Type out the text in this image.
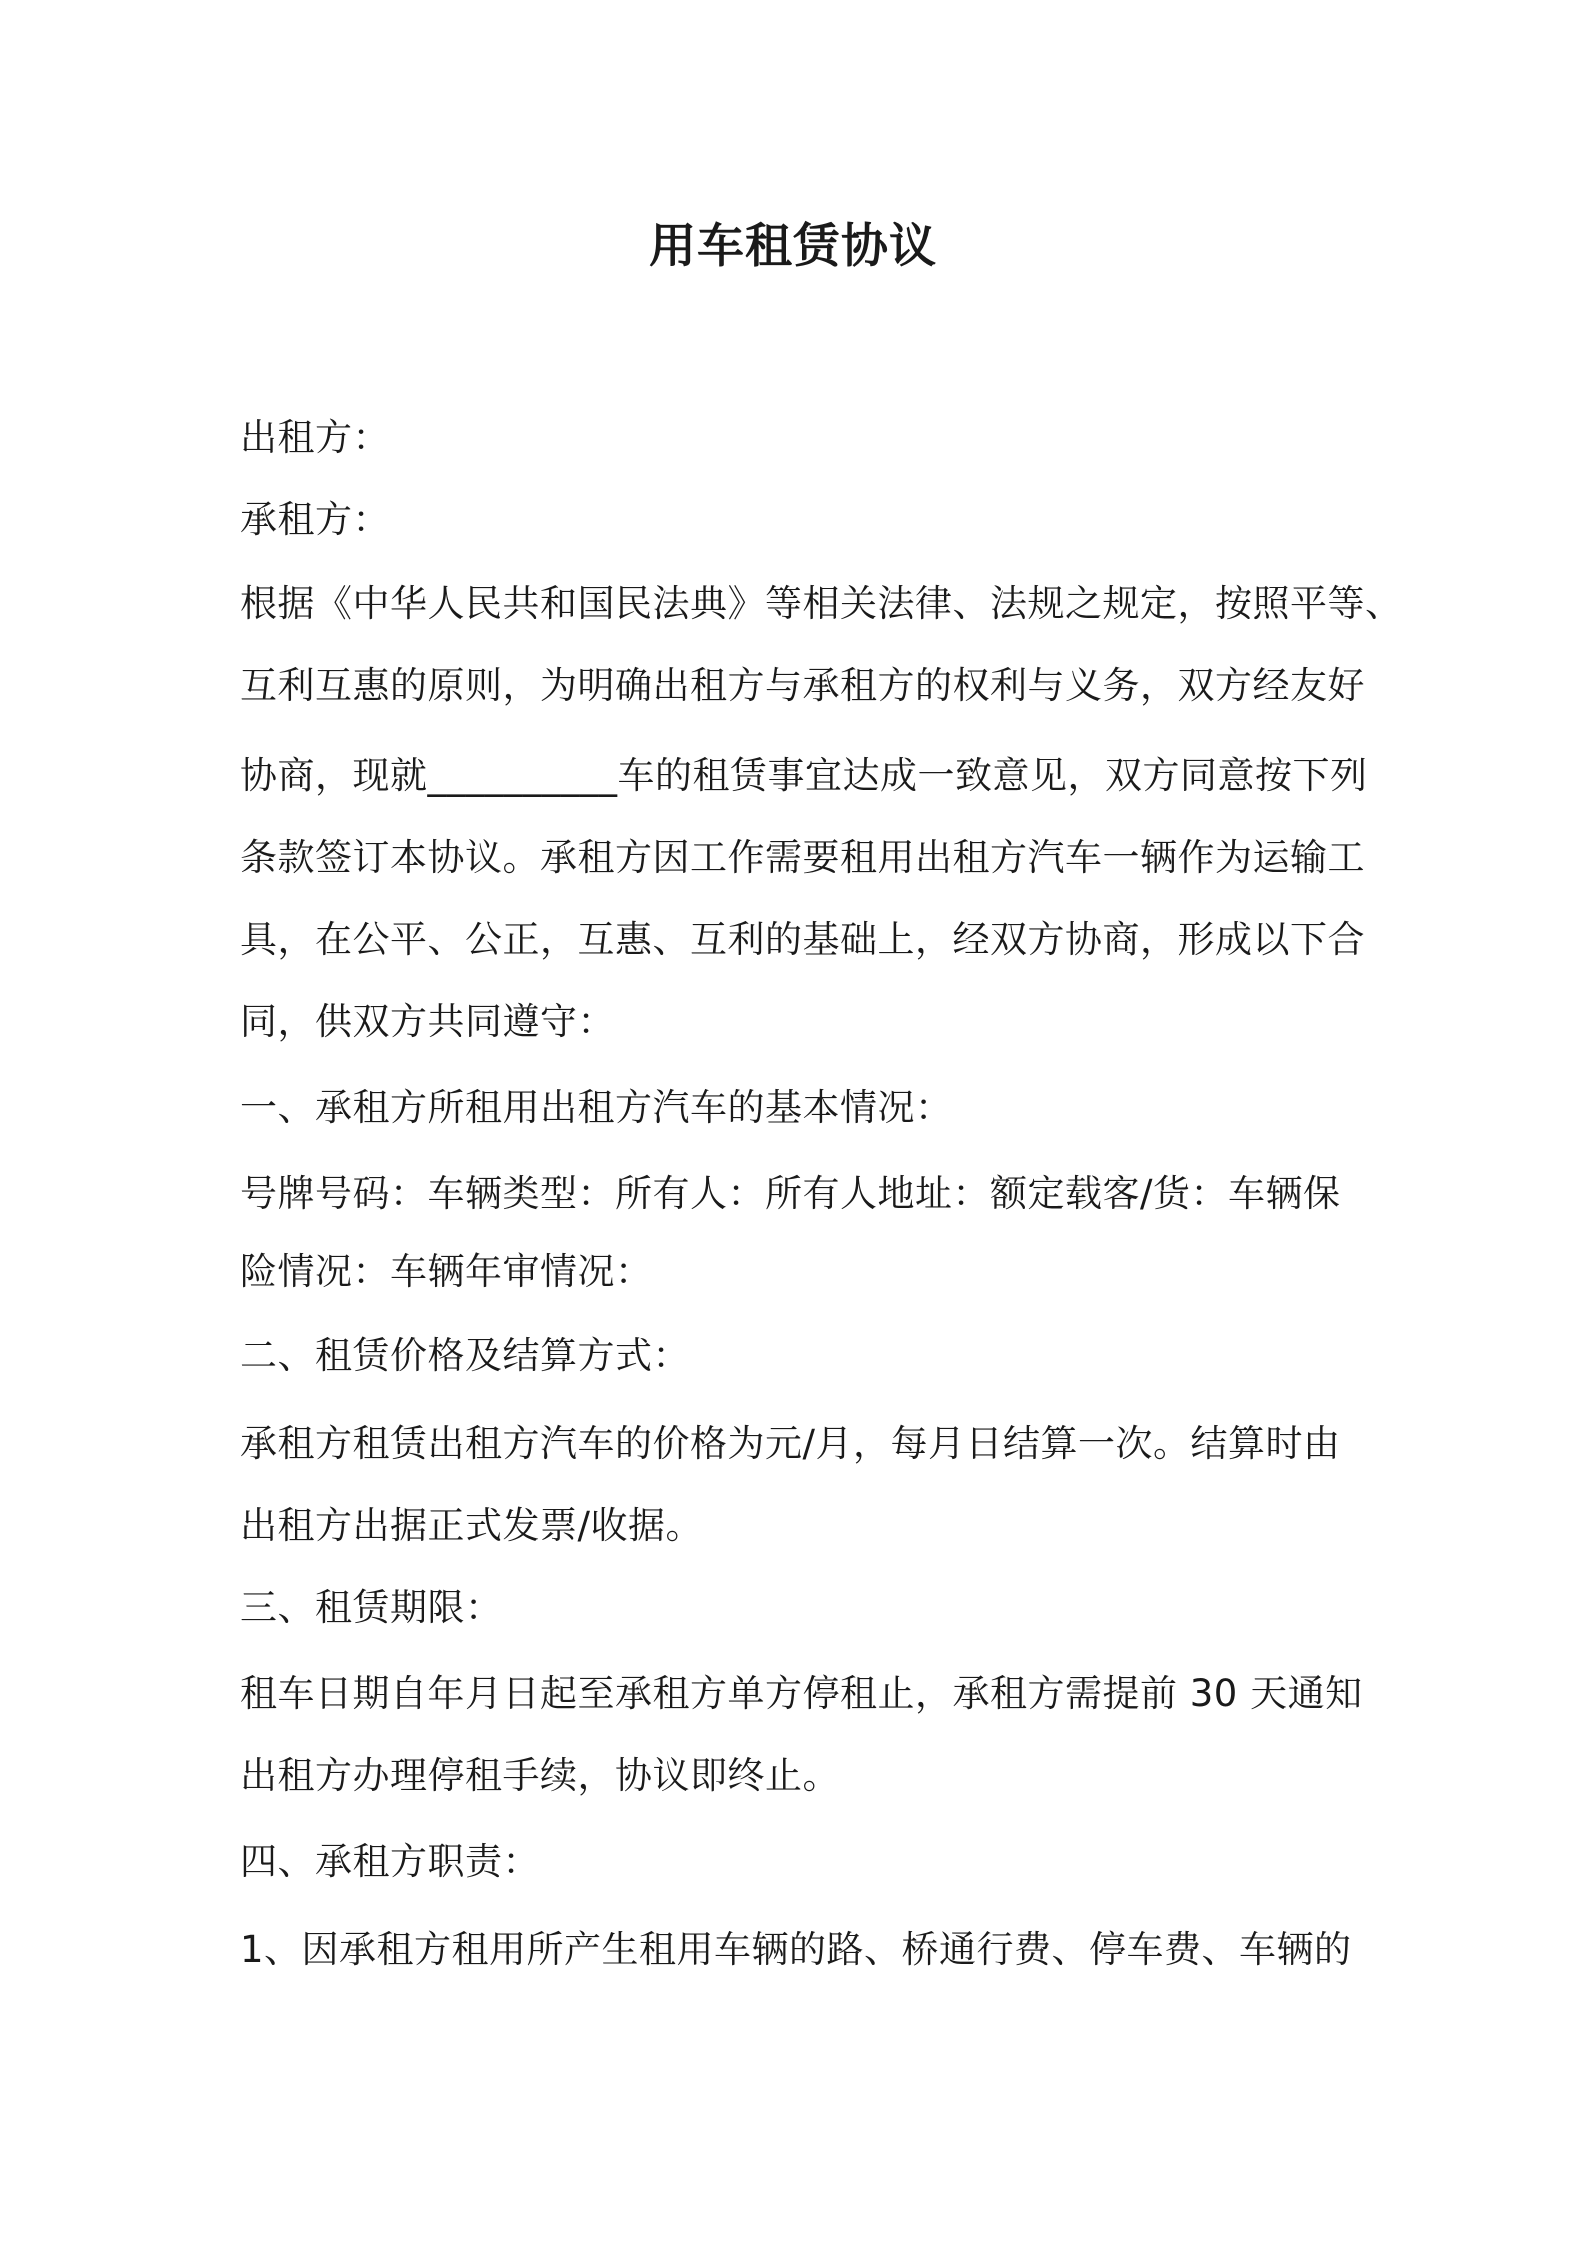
用车租赁协议
出租方：
承租方：
根据《中华人民共和国民法典》等相关法律、法规之规定，按照平等、
互利互惠的原则，为明确出租方与承租方的权利与义务，双方经友好
协商，现就__________车的租赁事宜达成一致意见，双方同意按下列
条款签订本协议。承租方因工作需要租用出租方汽车一辆作为运输工
具，在公平、公正，互惠、互利的基础上，经双方协商，形成以下合
同，供双方共同遵守：
一、承租方所租用出租方汽车的基本情况：
号牌号码：车辆类型：所有人：所有人地址：额定载客/货：车辆保
险情况：车辆年审情况：
二、租赁价格及结算方式：
承租方租赁出租方汽车的价格为元/月，每月日结算一次。结算时由
出租方出据正式发票/收据。
三、租赁期限：
租车日期自年月日起至承租方单方停租止，承租方需提前 30 天通知
出租方办理停租手续，协议即终止。
四、承租方职责：
1、因承租方租用所产生租用车辆的路、桥通行费、停车费、车辆的
